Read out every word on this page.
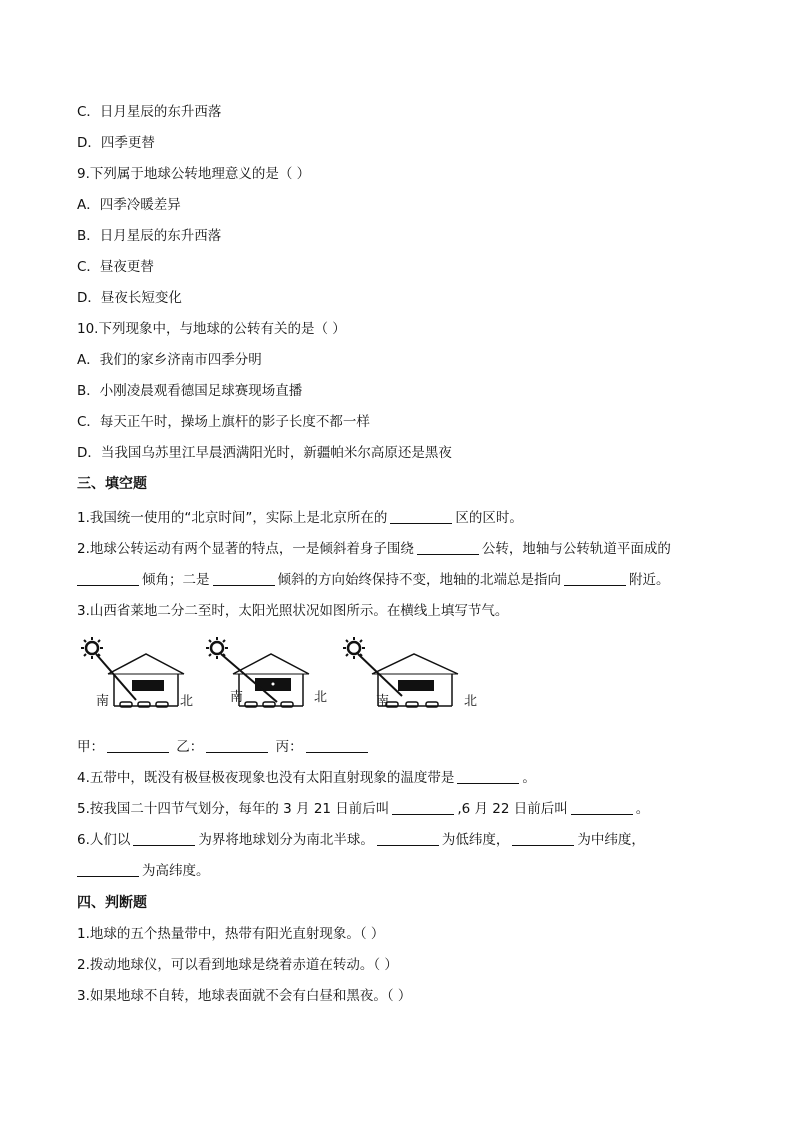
C．日月星辰的东升西落
D．四季更替
9.下列属于地球公转地理意义的是（ ）
A．四季冷暖差异
B．日月星辰的东升西落
C．昼夜更替
D．昼夜长短变化
10.下列现象中，与地球的公转有关的是（ ）
A．我们的家乡济南市四季分明
B．小刚凌晨观看德国足球赛现场直播
C．每天正午时，操场上旗杆的影子长度不都一样
D．当我国乌苏里江早晨洒满阳光时，新疆帕米尔高原还是黑夜
三、填空题
1.我国统一使用的“北京时间”，实际上是北京所在的	区的区时。
2.地球公转运动有两个显著的特点，一是倾斜着身子围绕	公转，地轴与公转轨道平面成的
倾角；二是	倾斜的方向始终保持不变，地轴的北端总是指向	附近。
3.山西省莱地二分二至时，太阳光照状况如图所示。在横线上填写节气。
南	北	南	北	南	北
甲：	乙：	丙：
4.五带中，既没有极昼极夜现象也没有太阳直射现象的温度带是	。
5.按我国二十四节气划分，每年的 3 月 21 日前后叫	,6 月 22 日前后叫	。
6.人们以	为界将地球划分为南北半球。	为低纬度，	为中纬度，
为高纬度。
四、判断题
1.地球的五个热量带中，热带有阳光直射现象。（ ）
2.拨动地球仪，可以看到地球是绕着赤道在转动。（ ）
3.如果地球不自转，地球表面就不会有白昼和黑夜。（ ）
